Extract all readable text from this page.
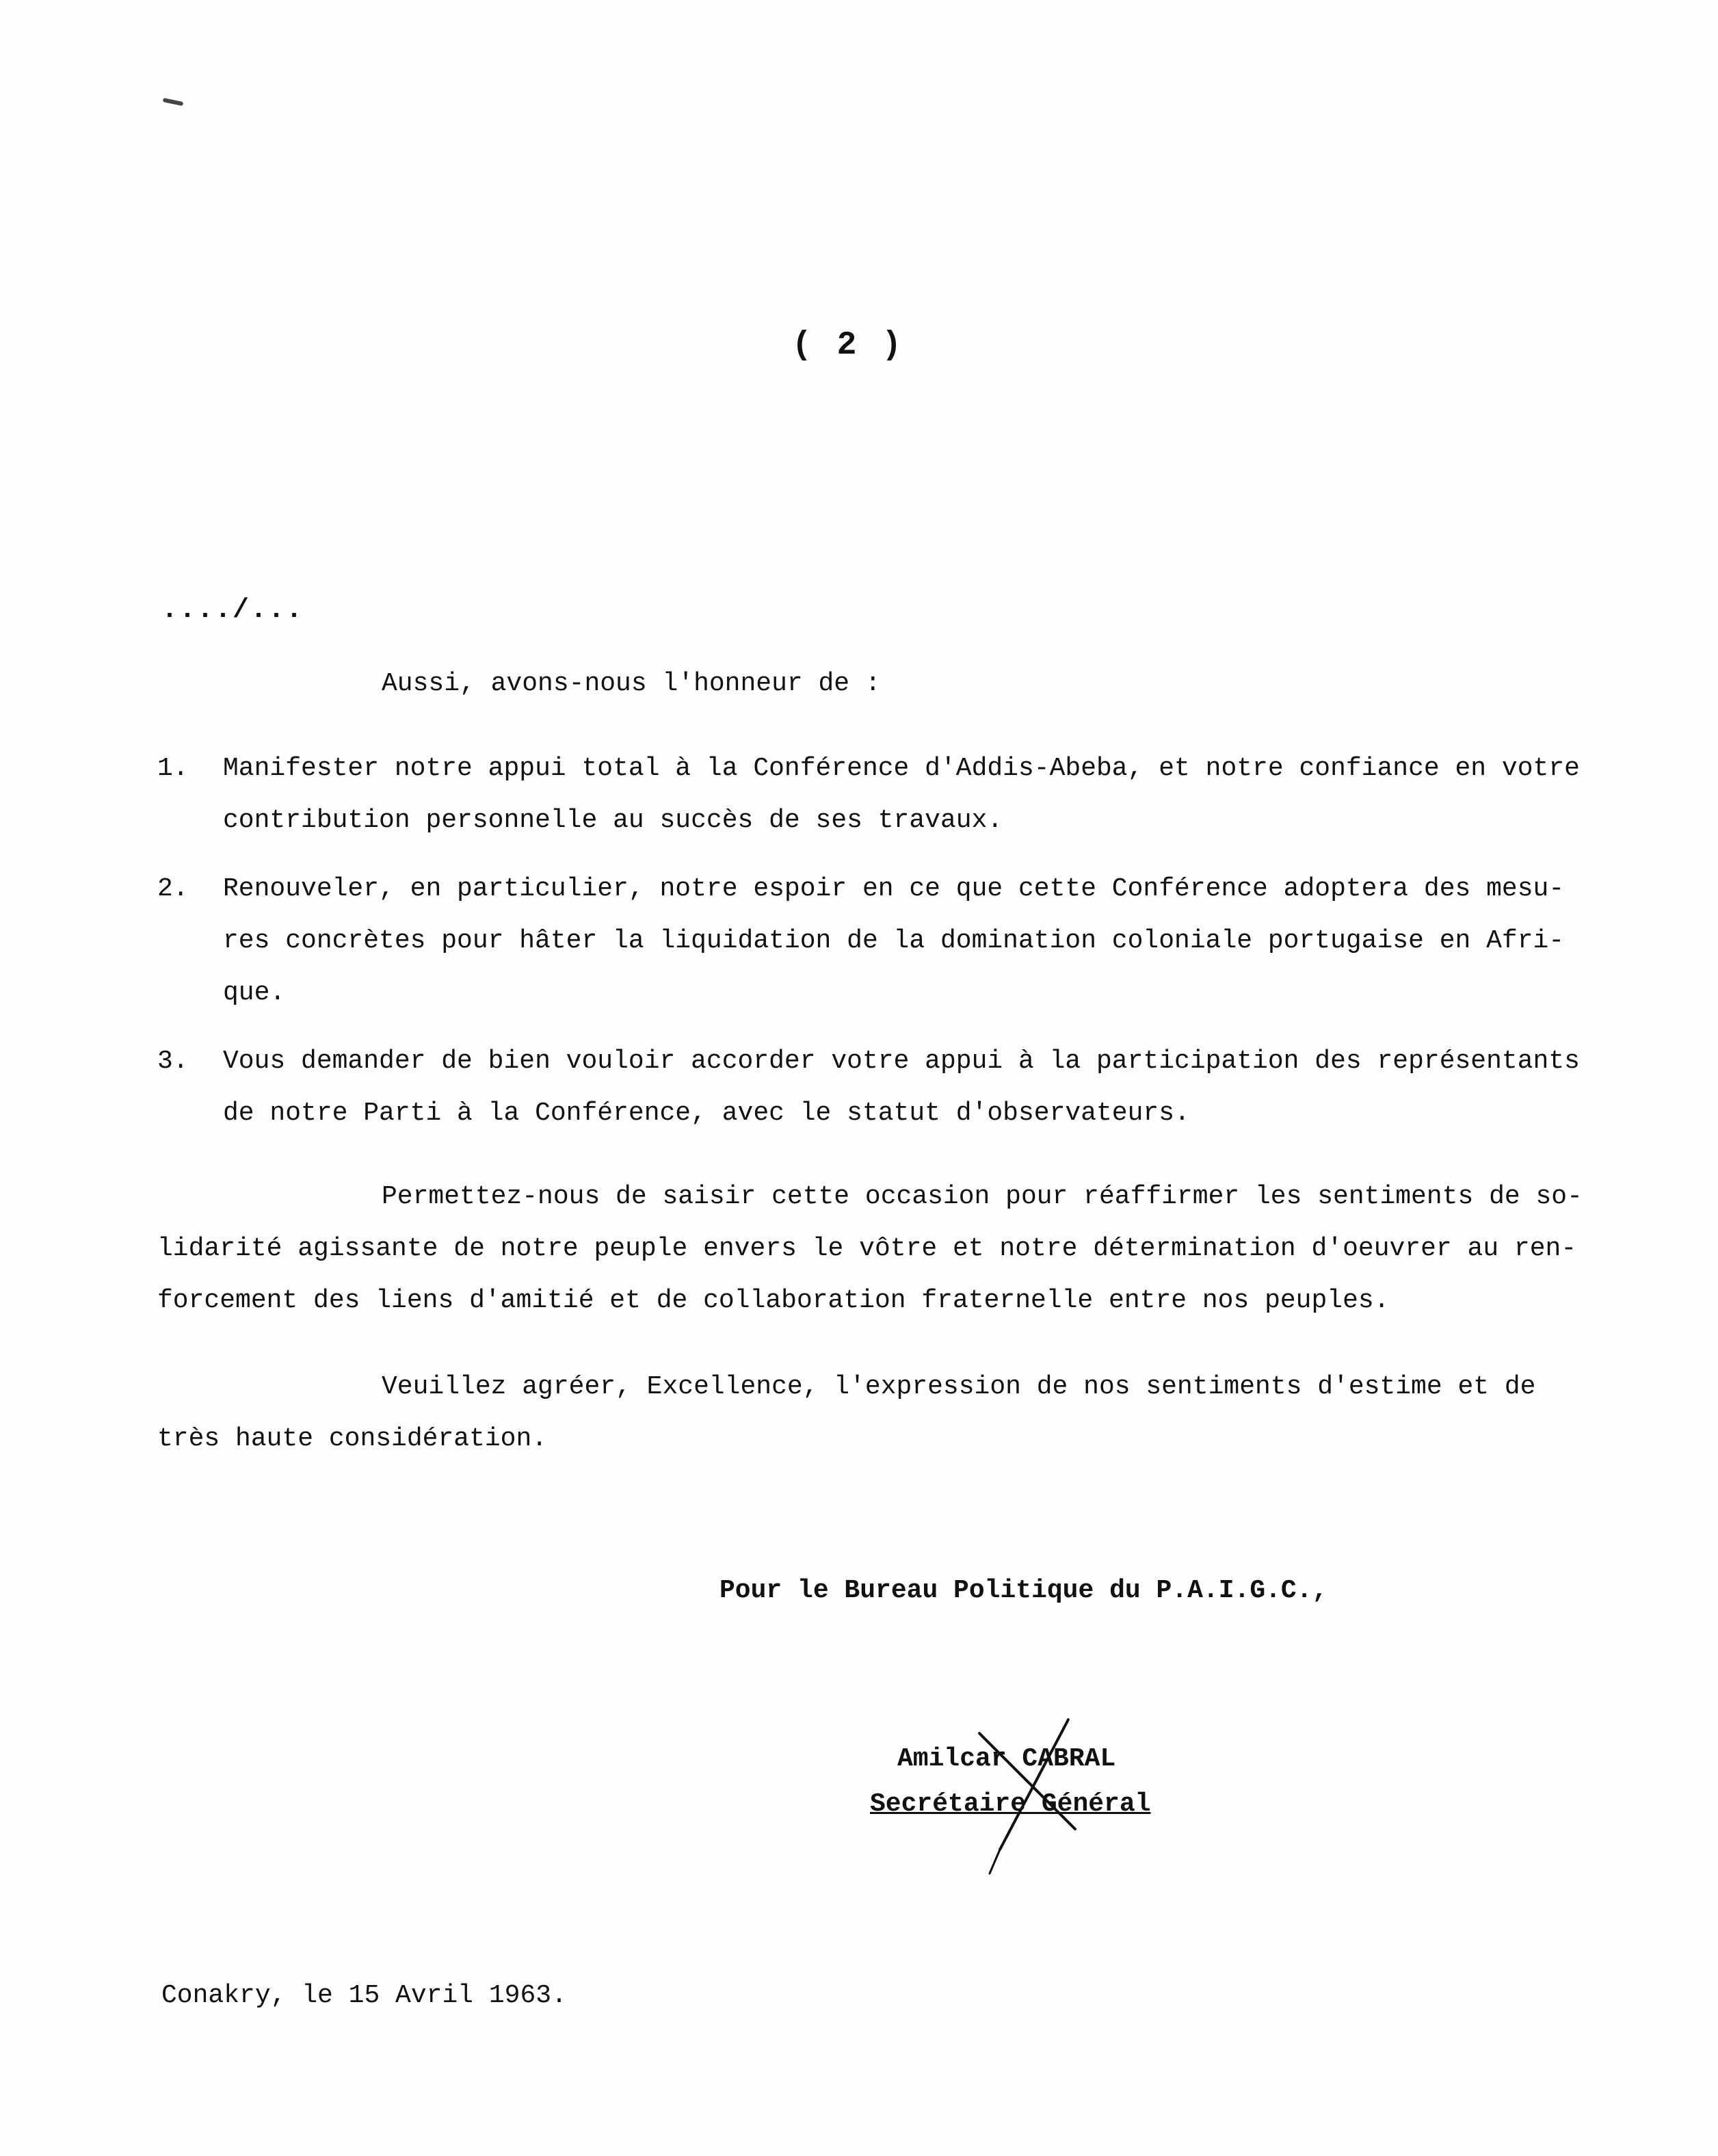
( 2 )
..../...
Aussi, avons-nous l'honneur de :
1.	Manifester notre appui total à la Conférence d'Addis-Abeba, et notre confiance en votre
contribution personnelle au succès de ses travaux.
2.	Renouveler, en particulier, notre espoir en ce que cette Conférence adoptera des mesu-
res concrètes pour hâter la liquidation de la domination coloniale portugaise en Afri-
que.
3.	Vous demander de bien vouloir accorder votre appui à la participation des représentants
de notre Parti à la Conférence, avec le statut d'observateurs.
Permettez-nous de saisir cette occasion pour réaffirmer les sentiments de so-
lidarité agissante de notre peuple envers le vôtre et notre détermination d'oeuvrer au ren-
forcement des liens d'amitié et de collaboration fraternelle entre nos peuples.
Veuillez agréer, Excellence, l'expression de nos sentiments d'estime et de
très haute considération.
Pour le Bureau Politique du P.A.I.G.C.,
Amilcar CABRAL
Secrétaire Général
Conakry, le 15 Avril 1963.
